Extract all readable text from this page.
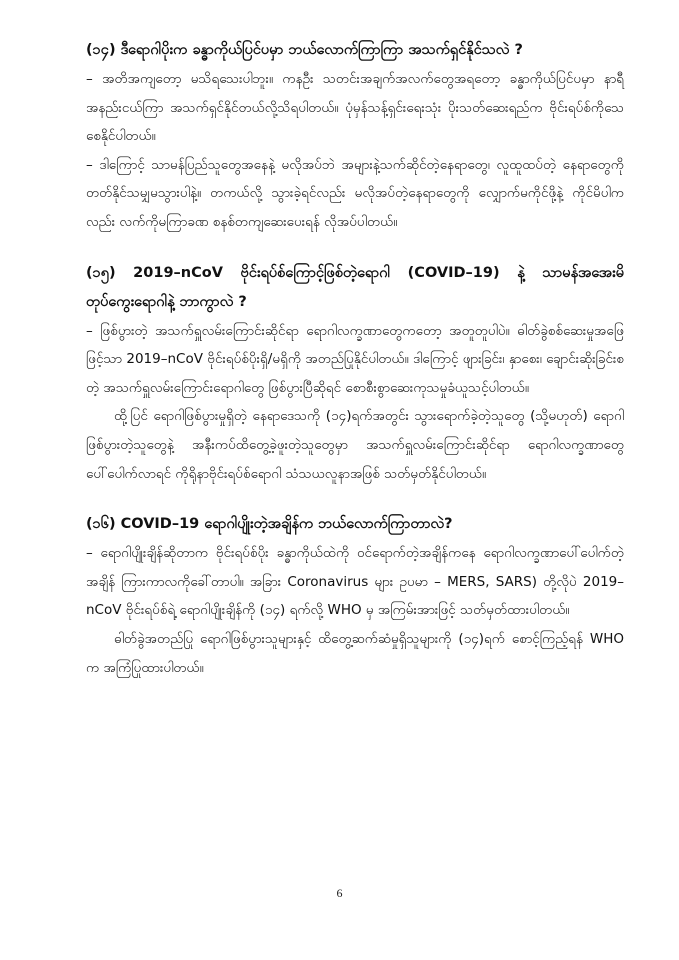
(၁၄) ဒီရောဂါပိုးက ခန္ဓာကိုယ်ပြင်ပမှာ ဘယ်လောက်ကြာကြာ အသက်ရှင်နိုင်သလဲ ?

– အတိအကျတော့ မသိရသေးပါဘူး။ ကနဦး သတင်းအချက်အလက်တွေအရတော့ ခန္ဓာကိုယ်ပြင်ပမှာ နာရီအနည်းငယ်ကြာ အသက်ရှင်နိုင်တယ်လို့သိရပါတယ်။ ပုံမှန်သန့်ရှင်းရေးသုံး ပိုးသတ်ဆေးရည်က ဗိုင်းရပ်စ်ကိုသေစေနိုင်ပါတယ်။

– ဒါကြောင့် သာမန်ပြည်သူတွေအနေနဲ့ မလိုအပ်ဘဲ အများနဲ့သက်ဆိုင်တဲ့နေရာတွေ၊ လူထူထပ်တဲ့ နေရာတွေကို တတ်နိုင်သမျှမသွားပါနဲ့။ တကယ်လို့ သွားခဲ့ရင်လည်း မလိုအပ်တဲ့နေရာတွေကို လျှောက်မကိုင်ဖို့နဲ့ ကိုင်မိပါကလည်း လက်ကိုမကြာခဏ စနစ်တကျဆေးပေးရန် လိုအပ်ပါတယ်။

(၁၅) 2019–nCoV ဗိုင်းရပ်စ်ကြောင့်ဖြစ်တဲ့ရောဂါ (COVID–19) နဲ့ သာမန်အအေးမိ တုပ်ကွေးရောဂါနဲ့ ဘာကွာလဲ ?

– ဖြစ်ပွားတဲ့ အသက်ရှူလမ်းကြောင်းဆိုင်ရာ ရောဂါလက္ခဏာတွေကတော့ အတူတူပါပဲ။ ဓါတ်ခွဲစစ်ဆေးမှုအဖြေဖြင့်သာ 2019–nCoV ဗိုင်းရပ်စ်ပိုးရှိ/မရှိကို အတည်ပြုနိုင်ပါတယ်။ ဒါကြောင့် ဖျားခြင်း၊ နှာစေး၊ ချောင်းဆိုးခြင်းစတဲ့ အသက်ရှူလမ်းကြောင်းရောဂါတွေ ဖြစ်ပွားပြီဆိုရင် စောစီးစွာဆေးကုသမှုခံယူသင့်ပါတယ်။

ထို့ပြင် ရောဂါဖြစ်ပွားမှုရှိတဲ့ နေရာဒေသကို (၁၄)ရက်အတွင်း သွားရောက်ခဲ့တဲ့သူတွေ (သို့မဟုတ်) ရောဂါဖြစ်ပွားတဲ့သူတွေနဲ့ အနီးကပ်ထိတွေ့ခဲ့ဖူးတဲ့သူတွေမှာ အသက်ရှူလမ်းကြောင်းဆိုင်ရာ ရောဂါလက္ခဏာတွေပေါ်ပေါက်လာရင် ကိုရိုနာဗိုင်းရပ်စ်ရောဂါ သံသယလူနာအဖြစ် သတ်မှတ်နိုင်ပါတယ်။

(၁၆) COVID–19 ရောဂါပျိုးတဲ့အချိန်က ဘယ်လောက်ကြာတာလဲ?

– ရောဂါပျိုးချိန်ဆိုတာက ဗိုင်းရပ်စ်ပိုး ခန္ဓာကိုယ်ထဲကို ဝင်ရောက်တဲ့အချိန်ကနေ ရောဂါလက္ခဏာပေါ်ပေါက်တဲ့အချိန် ကြားကာလကိုခေါ်တာပါ။ အခြား Coronavirus များ ဥပမာ – MERS, SARS) တို့လိုပဲ 2019–nCoV ဗိုင်းရပ်စ်ရဲ့ ရောဂါပျိုးချိန်ကို (၁၄) ရက်လို့ WHO မှ အကြမ်းအားဖြင့် သတ်မှတ်ထားပါတယ်။

ဓါတ်ခွဲအတည်ပြု ရောဂါဖြစ်ပွားသူများနှင့် ထိတွေ့ဆက်ဆံမှုရှိသူများကို (၁၄)ရက် စောင့်ကြည့်ရန် WHO က အကြံပြုထားပါတယ်။

6
